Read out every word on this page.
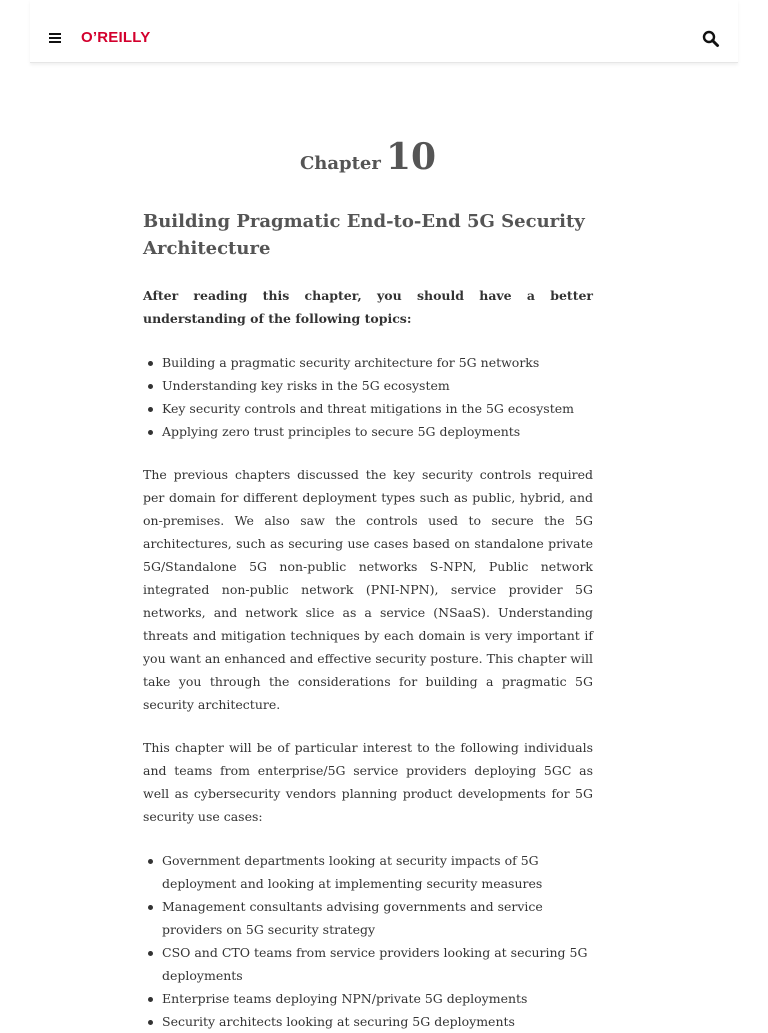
O’REILLY
Chapter 10
Building Pragmatic End-to-End 5G Security Architecture

After reading this chapter, you should have a better understanding of the following topics:

Building a pragmatic security architecture for 5G networks
Understanding key risks in the 5G ecosystem
Key security controls and threat mitigations in the 5G ecosystem
Applying zero trust principles to secure 5G deployments

The previous chapters discussed the key security controls required per domain for different deployment types such as public, hybrid, and on-premises. We also saw the controls used to secure the 5G architectures, such as securing use cases based on standalone private 5G/Standalone 5G non-public networks S-NPN, Public network integrated non-public network (PNI-NPN), service provider 5G networks, and network slice as a service (NSaaS). Understanding threats and mitigation techniques by each domain is very important if you want an enhanced and effective security posture. This chapter will take you through the considerations for building a pragmatic 5G security architecture.

This chapter will be of particular interest to the following individuals and teams from enterprise/5G service providers deploying 5GC as well as cybersecurity vendors planning product developments for 5G security use cases:

Government departments looking at security impacts of 5G deployment and looking at implementing security measures
Management consultants advising governments and service providers on 5G security strategy
CSO and CTO teams from service providers looking at securing 5G deployments
Enterprise teams deploying NPN/private 5G deployments
Security architects looking at securing 5G deployments
